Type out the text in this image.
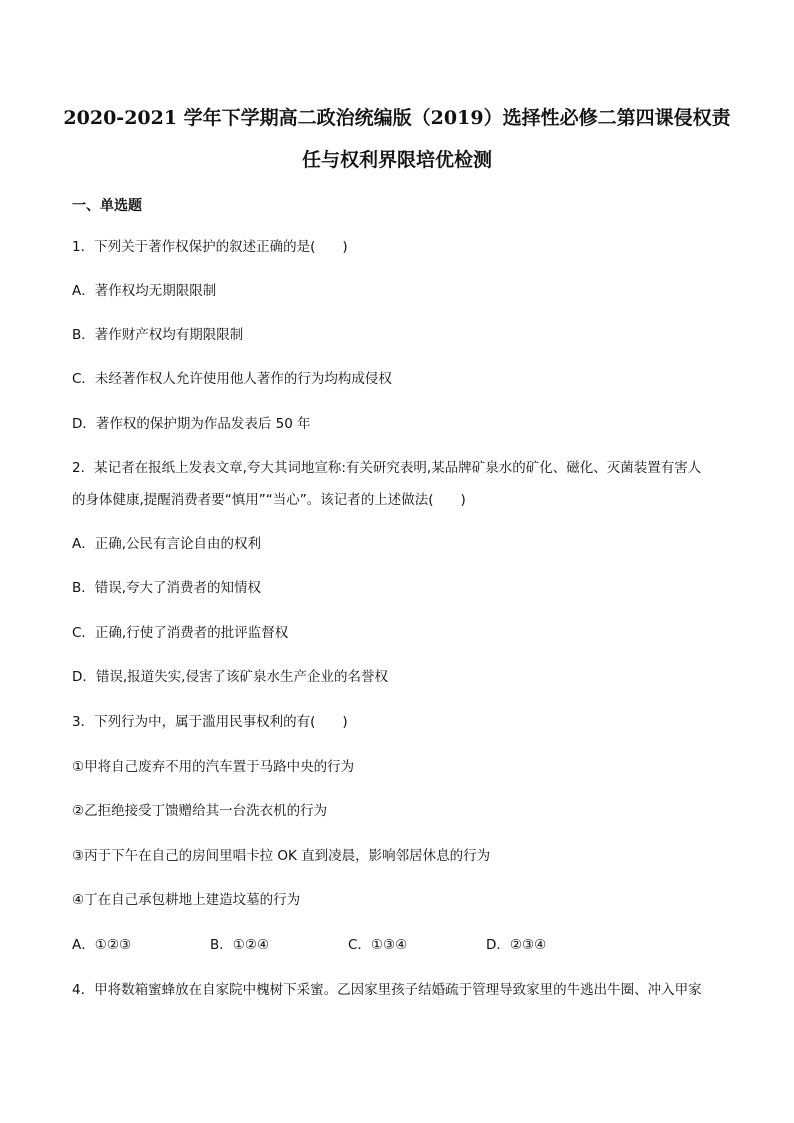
2020-2021 学年下学期高二政治统编版（2019）选择性必修二第四课侵权责
任与权利界限培优检测
一、单选题
1．下列关于著作权保护的叙述正确的是(　　)
A．著作权均无期限限制
B．著作财产权均有期限限制
C．未经著作权人允许使用他人著作的行为均构成侵权
D．著作权的保护期为作品发表后 50 年
2．某记者在报纸上发表文章,夸大其词地宣称:有关研究表明,某品牌矿泉水的矿化、磁化、灭菌装置有害人
的身体健康,提醒消费者要“慎用”“当心”。该记者的上述做法(　　)
A．正确,公民有言论自由的权利
B．错误,夸大了消费者的知情权
C．正确,行使了消费者的批评监督权
D．错误,报道失实,侵害了该矿泉水生产企业的名誉权
3．下列行为中，属于滥用民事权利的有(　　)
①甲将自己废弃不用的汽车置于马路中央的行为
②乙拒绝接受丁馈赠给其一台洗衣机的行为
③丙于下午在自己的房间里唱卡拉 OK 直到凌晨，影响邻居休息的行为
④丁在自己承包耕地上建造坟墓的行为
A．①②③	B．①②④	C．①③④	D．②③④
4．甲将数箱蜜蜂放在自家院中槐树下采蜜。乙因家里孩子结婚疏于管理导致家里的牛逃出牛圈、冲入甲家
